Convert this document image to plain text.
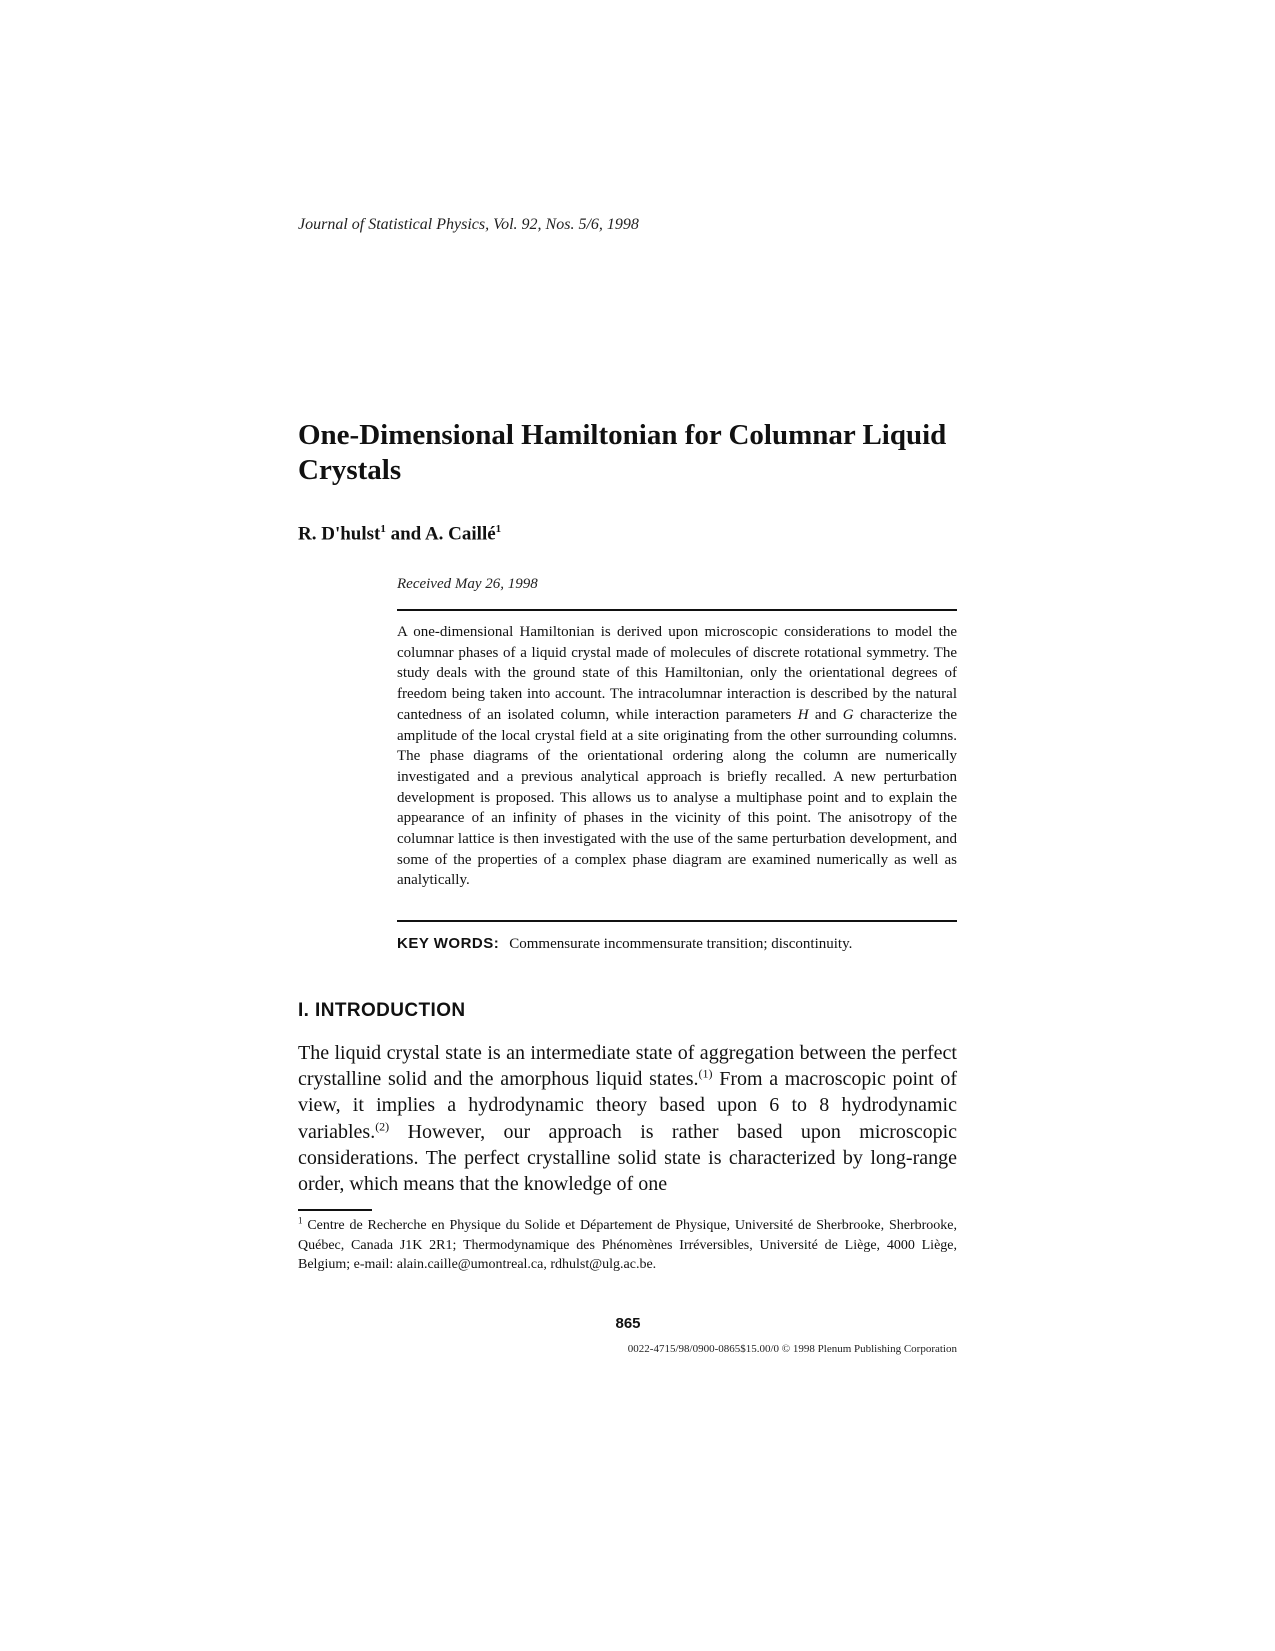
Journal of Statistical Physics, Vol. 92, Nos. 5/6, 1998
One-Dimensional Hamiltonian for Columnar Liquid Crystals
R. D'hulst$^1$ and A. Caillé$^1$
Received May 26, 1998
A one-dimensional Hamiltonian is derived upon microscopic considerations to model the columnar phases of a liquid crystal made of molecules of discrete rotational symmetry. The study deals with the ground state of this Hamiltonian, only the orientational degrees of freedom being taken into account. The intracolumnar interaction is described by the natural cantedness of an isolated column, while interaction parameters H and G characterize the amplitude of the local crystal field at a site originating from the other surrounding columns. The phase diagrams of the orientational ordering along the column are numerically investigated and a previous analytical approach is briefly recalled. A new perturbation development is proposed. This allows us to analyse a multiphase point and to explain the appearance of an infinity of phases in the vicinity of this point. The anisotropy of the columnar lattice is then investigated with the use of the same perturbation development, and some of the properties of a complex phase diagram are examined numerically as well as analytically.
KEY WORDS: Commensurate incommensurate transition; discontinuity.
I. INTRODUCTION
The liquid crystal state is an intermediate state of aggregation between the perfect crystalline solid and the amorphous liquid states.$^{(1)}$ From a macroscopic point of view, it implies a hydrodynamic theory based upon 6 to 8 hydrodynamic variables.$^{(2)}$ However, our approach is rather based upon microscopic considerations. The perfect crystalline solid state is characterized by long-range order, which means that the knowledge of one
$^1$ Centre de Recherche en Physique du Solide et Département de Physique, Université de Sherbrooke, Sherbrooke, Québec, Canada J1K 2R1; Thermodynamique des Phénomènes Irréversibles, Université de Liège, 4000 Liège, Belgium; e-mail: alain.caille@umontreal.ca, rdhulst@ulg.ac.be.
865
0022-4715/98/0900-0865$15.00/0 © 1998 Plenum Publishing Corporation
